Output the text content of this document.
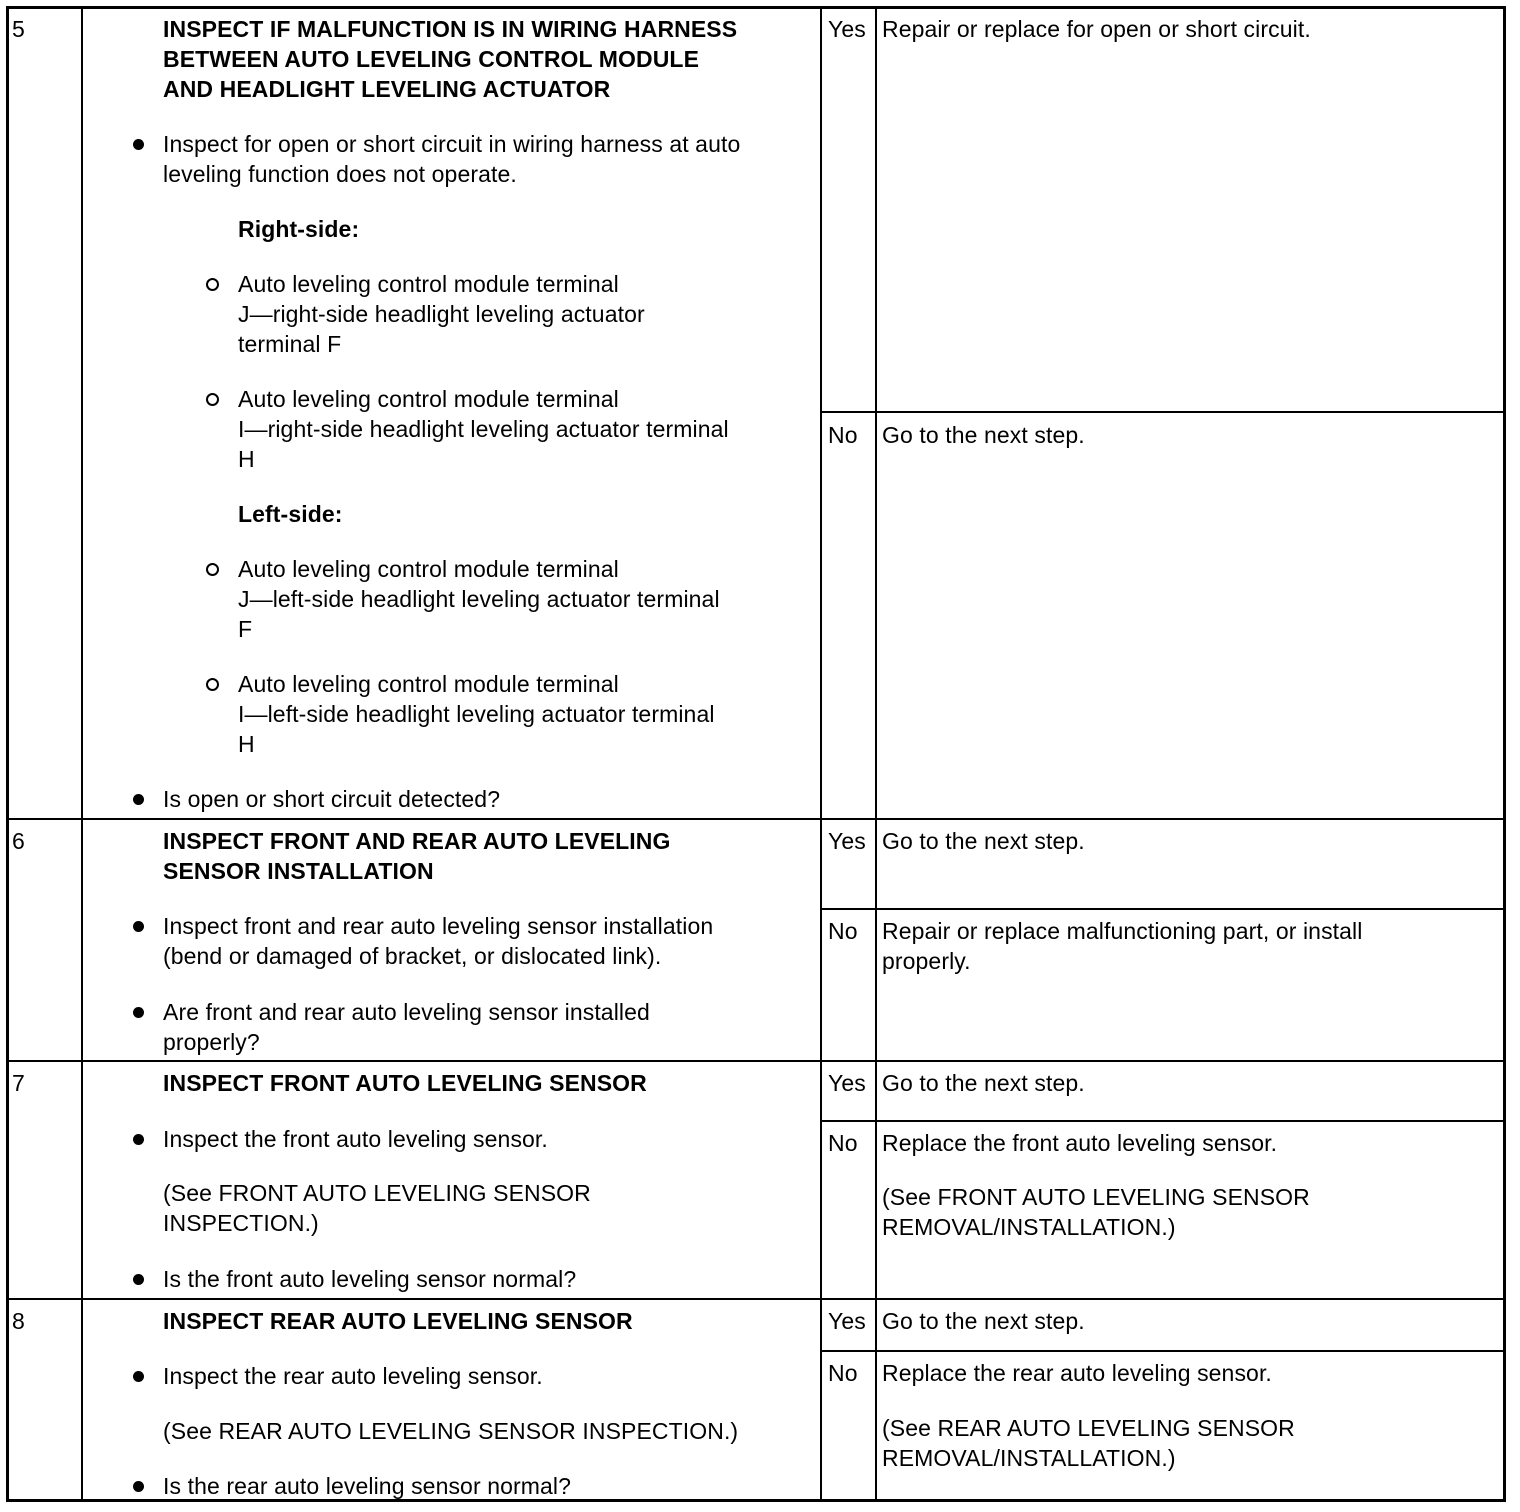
5	INSPECT IF MALFUNCTION IS IN WIRING HARNESS
BETWEEN AUTO LEVELING CONTROL MODULE
AND HEADLIGHT LEVELING ACTUATOR
Inspect for open or short circuit in wiring harness at auto
leveling function does not operate.
Right-side:
Auto leveling control module terminal
J—right-side headlight leveling actuator
terminal F
Auto leveling control module terminal
I—right-side headlight leveling actuator terminal
H
Left-side:
Auto leveling control module terminal
J—left-side headlight leveling actuator terminal
F
Auto leveling control module terminal
I—left-side headlight leveling actuator terminal
H
Is open or short circuit detected?
Yes Repair or replace for open or short circuit.
No Go to the next step.
6	INSPECT FRONT AND REAR AUTO LEVELING
SENSOR INSTALLATION
Inspect front and rear auto leveling sensor installation
(bend or damaged of bracket, or dislocated link).
Are front and rear auto leveling sensor installed
properly?
Yes Go to the next step.
No Repair or replace malfunctioning part, or install
properly.
7	INSPECT FRONT AUTO LEVELING SENSOR
Inspect the front auto leveling sensor.
(See FRONT AUTO LEVELING SENSOR
INSPECTION.)
Is the front auto leveling sensor normal?
Yes Go to the next step.
No Replace the front auto leveling sensor.
(See FRONT AUTO LEVELING SENSOR
REMOVAL/INSTALLATION.)
8	INSPECT REAR AUTO LEVELING SENSOR
Inspect the rear auto leveling sensor.
(See REAR AUTO LEVELING SENSOR INSPECTION.)
Is the rear auto leveling sensor normal?
Yes Go to the next step.
No Replace the rear auto leveling sensor.
(See REAR AUTO LEVELING SENSOR
REMOVAL/INSTALLATION.)
